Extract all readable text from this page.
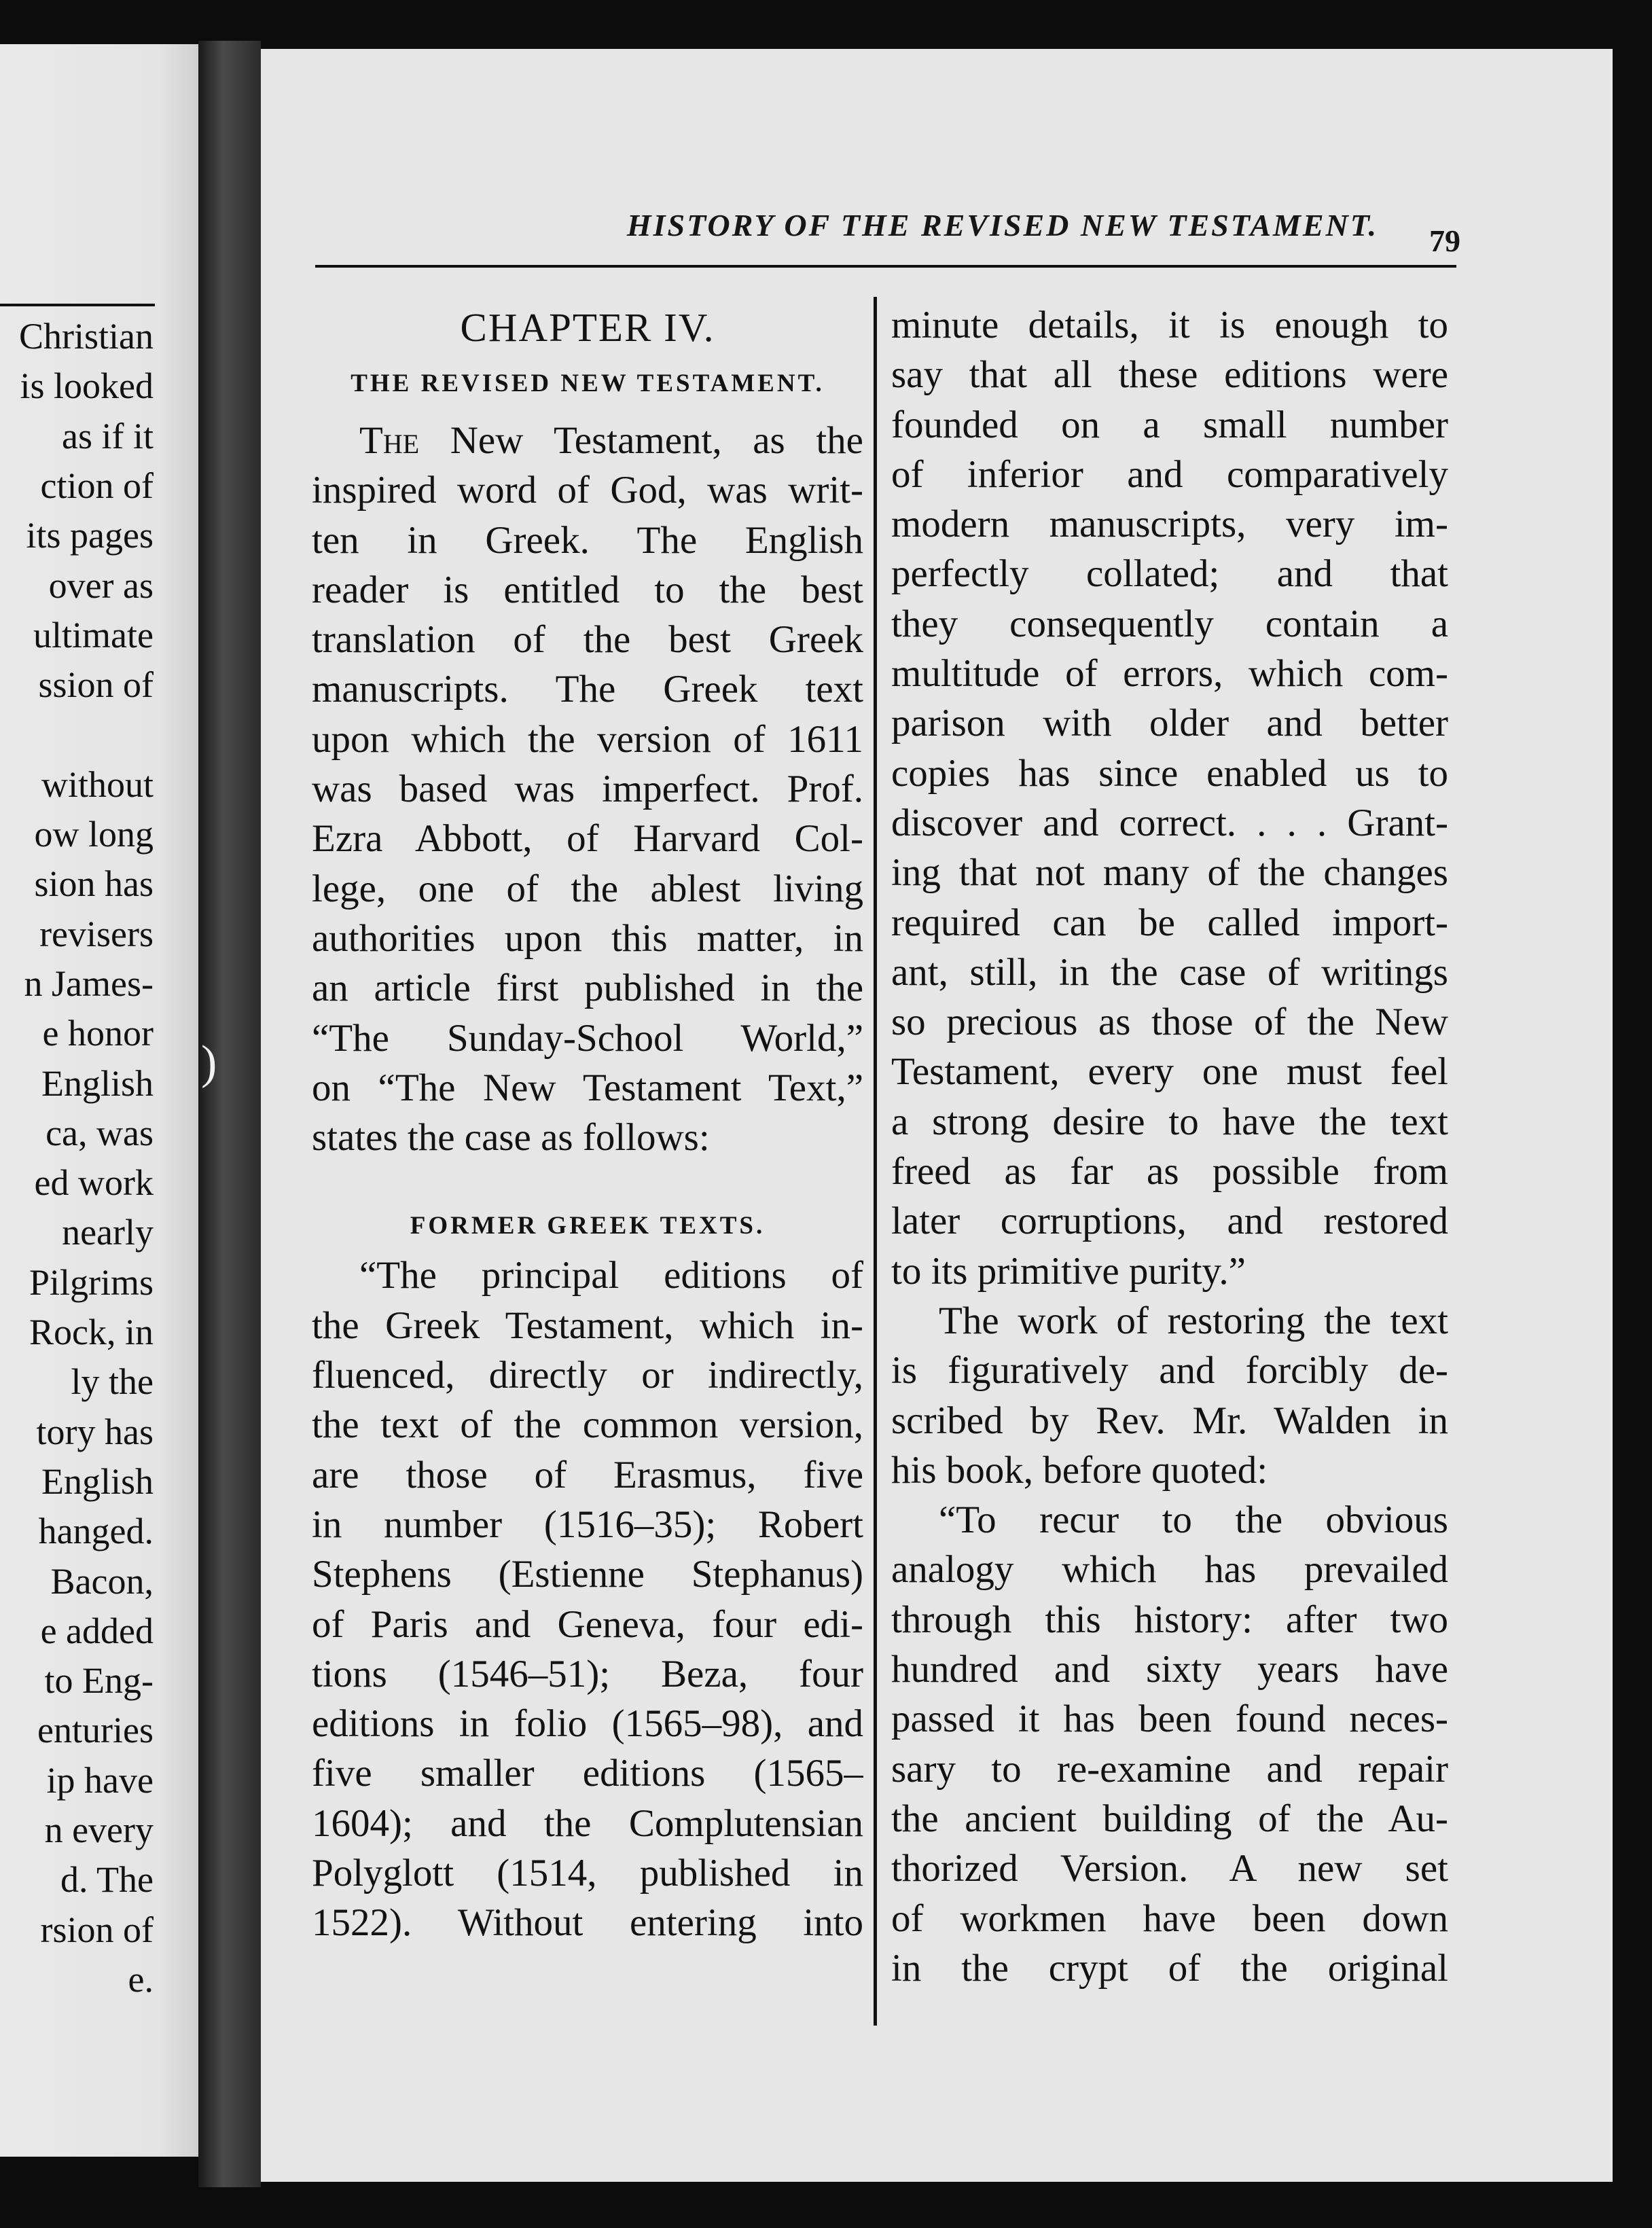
Christian
is looked
as if it
ction of
its pages
over as
ultimate
ssion of
without
ow long
sion has
revisers
n James-
e honor
English
ca, was
ed work
nearly
Pilgrims
Rock, in
ly the
tory has
English
hanged.
Bacon,
e added
to Eng-
enturies
ip have
n every
d. The
rsion of
e.
HISTORY OF THE REVISED NEW TESTAMENT.	79
CHAPTER IV.
THE REVISED NEW TESTAMENT.
The New Testament, as the
inspired word of God, was writ-
ten in Greek. The English
reader is entitled to the best
translation of the best Greek
manuscripts. The Greek text
upon which the version of 1611
was based was imperfect. Prof.
Ezra Abbott, of Harvard Col-
lege, one of the ablest living
authorities upon this matter, in
an article first published in the
“The Sunday-School World,”
on “The New Testament Text,”
states the case as follows:
FORMER GREEK TEXTS.
“The principal editions of
the Greek Testament, which in-
fluenced, directly or indirectly,
the text of the common version,
are those of Erasmus, five
in number (1516–35); Robert
Stephens (Estienne Stephanus)
of Paris and Geneva, four edi-
tions (1546–51); Beza, four
editions in folio (1565–98), and
five smaller editions (1565–
1604); and the Complutensian
Polyglott (1514, published in
1522). Without entering into
minute details, it is enough to
say that all these editions were
founded on a small number
of inferior and comparatively
modern manuscripts, very im-
perfectly collated; and that
they consequently contain a
multitude of errors, which com-
parison with older and better
copies has since enabled us to
discover and correct. . . . Grant-
ing that not many of the changes
required can be called import-
ant, still, in the case of writings
so precious as those of the New
Testament, every one must feel
a strong desire to have the text
freed as far as possible from
later corruptions, and restored
to its primitive purity.”
The work of restoring the text
is figuratively and forcibly de-
scribed by Rev. Mr. Walden in
his book, before quoted:
“To recur to the obvious
analogy which has prevailed
through this history: after two
hundred and sixty years have
passed it has been found neces-
sary to re-examine and repair
the ancient building of the Au-
thorized Version. A new set
of workmen have been down
in the crypt of the original
)
